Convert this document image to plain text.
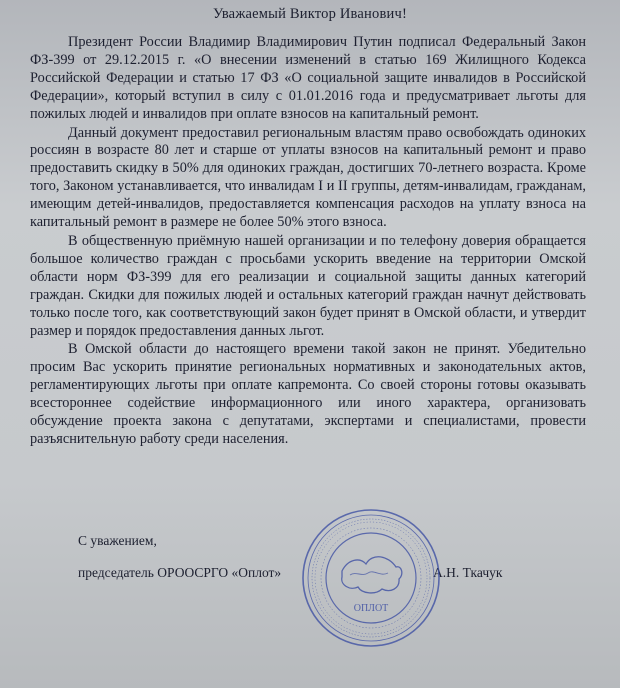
Уважаемый Виктор Иванович!

Президент России Владимир Владимирович Путин подписал Федеральный Закон ФЗ-399 от 29.12.2015 г. «О внесении изменений в статью 169 Жилищного Кодекса Российской Федерации и статью 17 ФЗ «О социальной защите инвалидов в Российской Федерации», который вступил в силу с 01.01.2016 года и предусматривает льготы для пожилых людей и инвалидов при оплате взносов на капитальный ремонт.

Данный документ предоставил региональным властям право освобождать одиноких россиян в возрасте 80 лет и старше от уплаты взносов на капитальный ремонт и право предоставить скидку в 50% для одиноких граждан, достигших 70-летнего возраста. Кроме того, Законом устанавливается, что инвалидам I и II группы, детям-инвалидам, гражданам, имеющим детей-инвалидов, предоставляется компенсация расходов на уплату взноса на капитальный ремонт в размере не более 50% этого взноса.

В общественную приёмную нашей организации и по телефону доверия обращается большое количество граждан с просьбами ускорить введение на территории Омской области норм ФЗ-399 для его реализации и социальной защиты данных категорий граждан. Скидки для пожилых людей и остальных категорий граждан начнут действовать только после того, как соответствующий закон будет принят в Омской области, и утвердит размер и порядок предоставления данных льгот.

В Омской области до настоящего времени такой закон не принят. Убедительно просим Вас ускорить принятие региональных нормативных и законодательных актов, регламентирующих льготы при оплате капремонта. Со своей стороны готовы оказывать всестороннее содействие информационного или иного характера, организовать обсуждение проекта закона с депутатами, экспертами и специалистами, провести разъяснительную работу среди населения.

С уважением,
председатель ОРООСРГО «Оплот»	А.Н. Ткачук
ОПЛОТ
